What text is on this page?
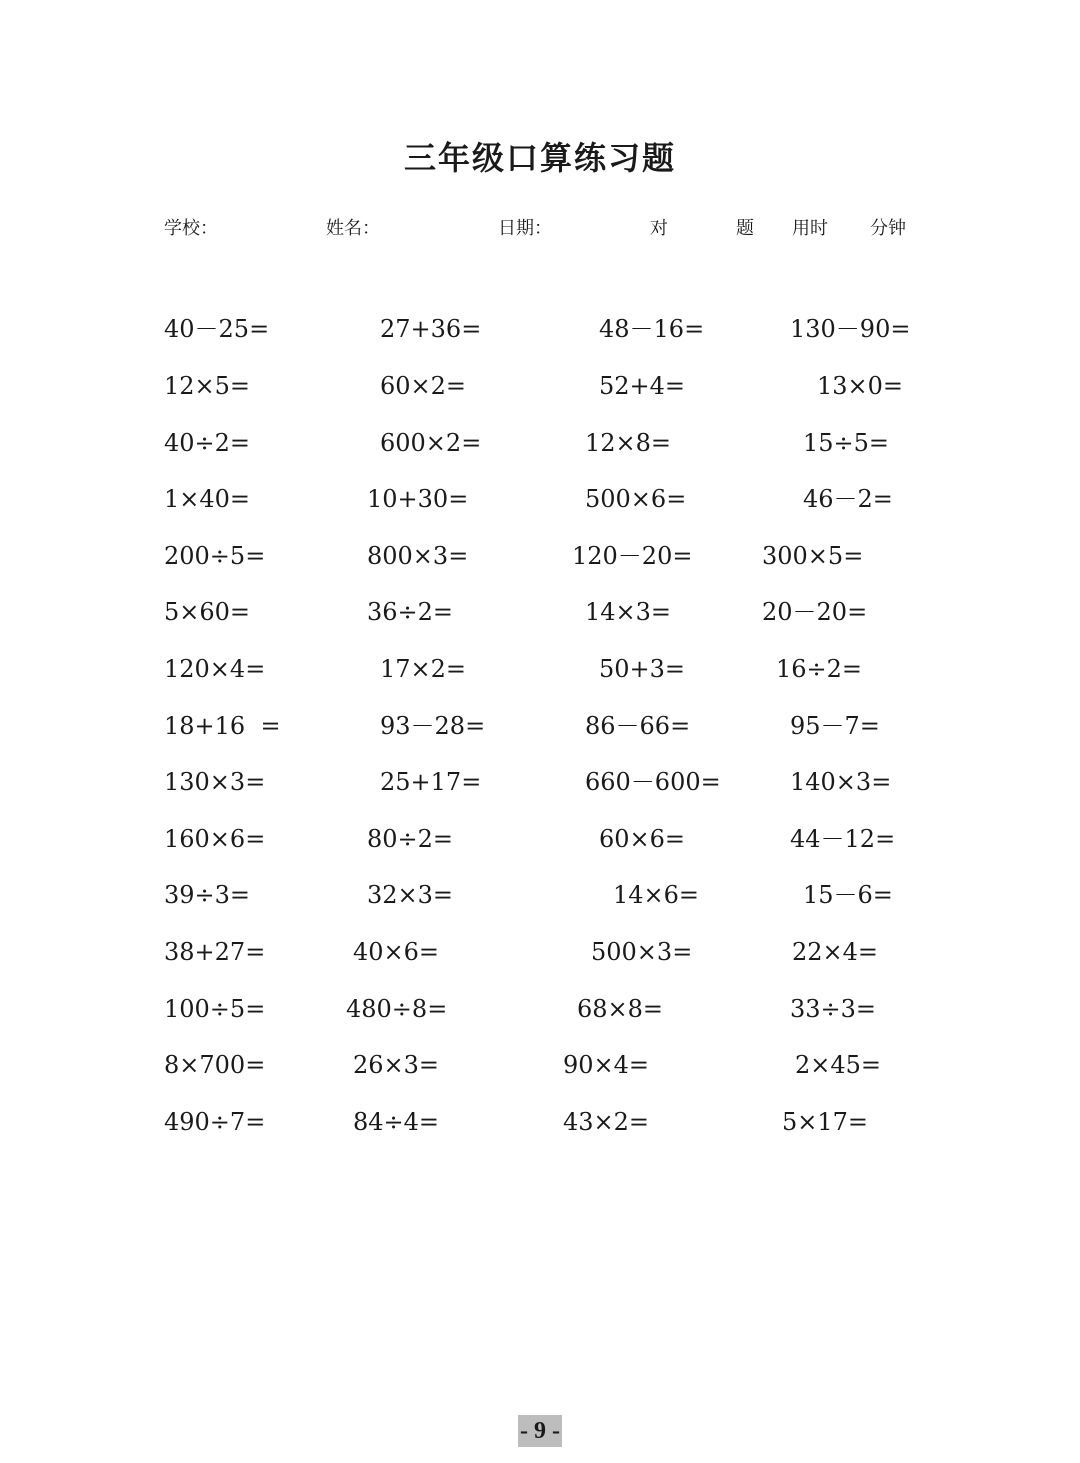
三年级口算练习题
学校：	姓名：	日期：	对	题 用时 分钟
40－25=	27+36=	48－16=	130－90=
12×5=	60×2=	52+4=	13×0=
40÷2=	600×2=	12×8=	15÷5=
1×40=	10+30=	500×6=	46－2=
200÷5=	800×3=	120－20=	300×5=
5×60=	36÷2=	14×3=	20－20=
120×4=	17×2=	50+3=	16÷2=
18+16  =	93－28=	86－66=	95－7=
130×3=	25+17=	660－600=	140×3=
160×6=	80÷2=	60×6=	44－12=
39÷3=	32×3=	14×6=	15－6=
38+27=	40×6=	500×3=	22×4=
100÷5=	480÷8=	68×8=	33÷3=
8×700=	26×3=	90×4=	2×45=
490÷7=	84÷4=	43×2=	5×17=
- 9 -
